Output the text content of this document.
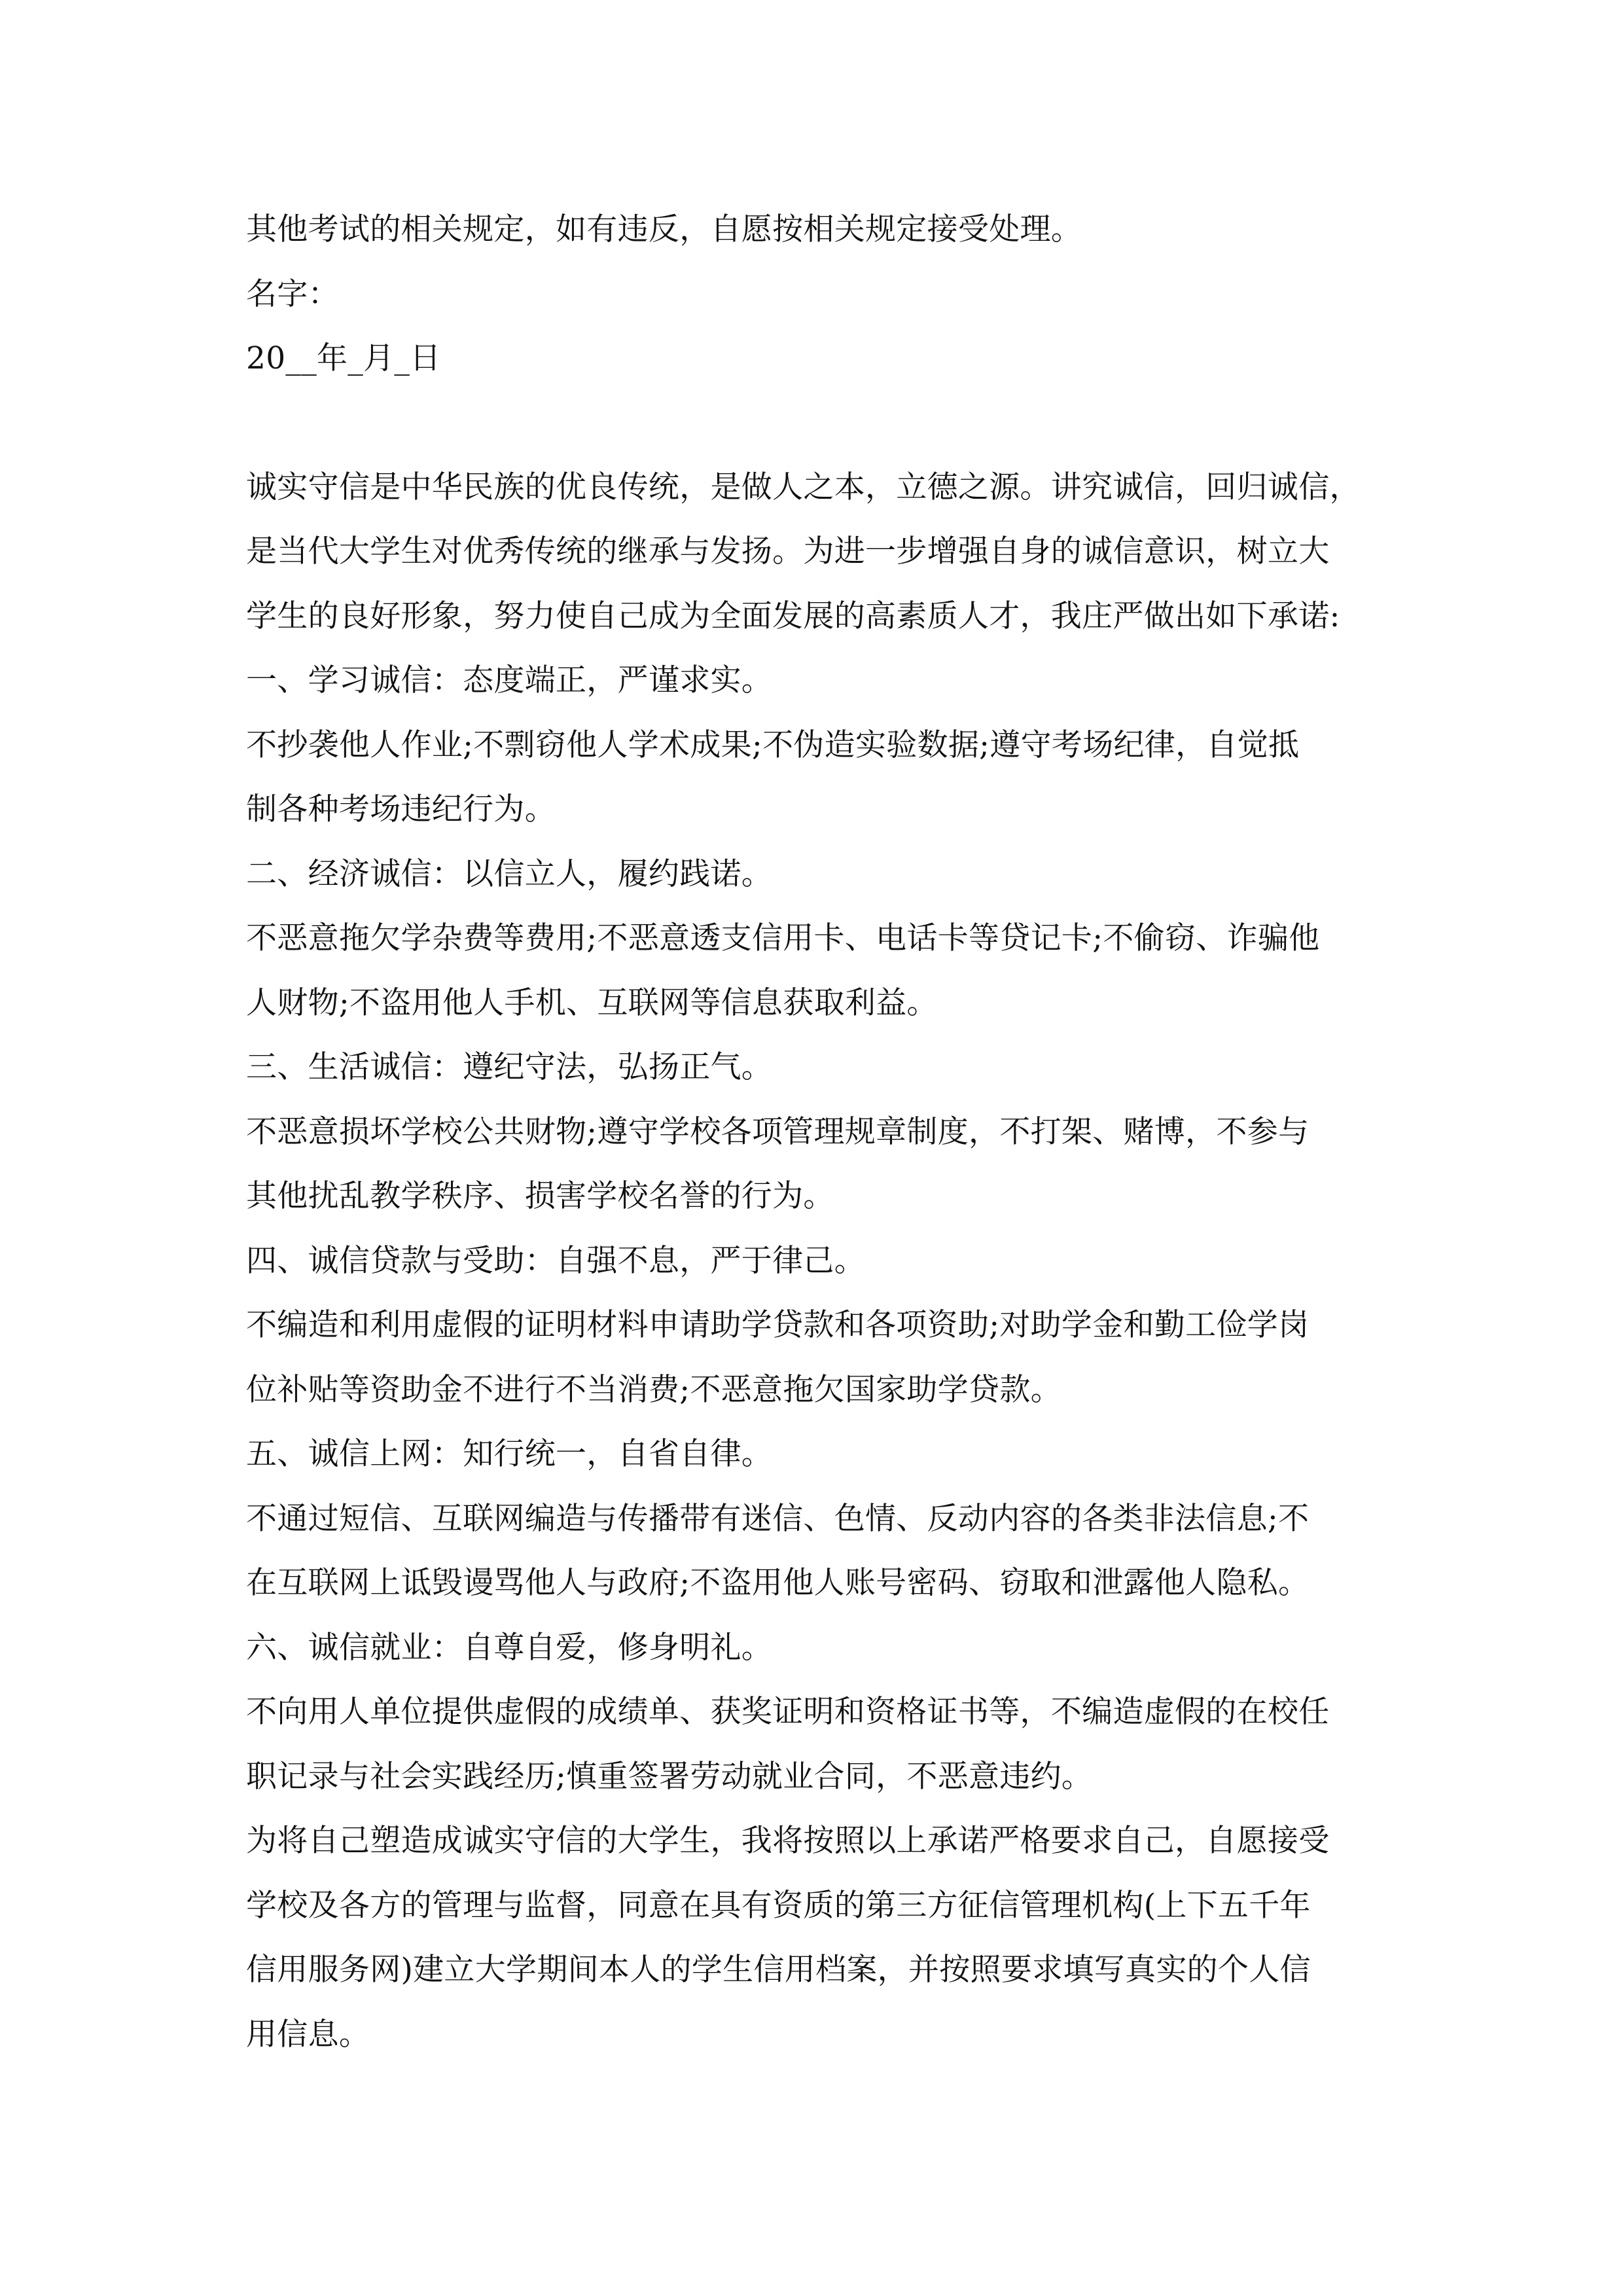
其他考试的相关规定，如有违反，自愿按相关规定接受处理。
名字：
20__年_月_日
诚实守信是中华民族的优良传统，是做人之本，立德之源。讲究诚信，回归诚信，
是当代大学生对优秀传统的继承与发扬。为进一步增强自身的诚信意识，树立大
学生的良好形象，努力使自己成为全面发展的高素质人才，我庄严做出如下承诺:
一、学习诚信：态度端正，严谨求实。
不抄袭他人作业;不剽窃他人学术成果;不伪造实验数据;遵守考场纪律，自觉抵
制各种考场违纪行为。
二、经济诚信：以信立人，履约践诺。
不恶意拖欠学杂费等费用;不恶意透支信用卡、电话卡等贷记卡;不偷窃、诈骗他
人财物;不盗用他人手机、互联网等信息获取利益。
三、生活诚信：遵纪守法，弘扬正气。
不恶意损坏学校公共财物;遵守学校各项管理规章制度，不打架、赌博，不参与
其他扰乱教学秩序、损害学校名誉的行为。
四、诚信贷款与受助：自强不息，严于律己。
不编造和利用虚假的证明材料申请助学贷款和各项资助;对助学金和勤工俭学岗
位补贴等资助金不进行不当消费;不恶意拖欠国家助学贷款。
五、诚信上网：知行统一，自省自律。
不通过短信、互联网编造与传播带有迷信、色情、反动内容的各类非法信息;不
在互联网上诋毁谩骂他人与政府;不盗用他人账号密码、窃取和泄露他人隐私。
六、诚信就业：自尊自爱，修身明礼。
不向用人单位提供虚假的成绩单、获奖证明和资格证书等，不编造虚假的在校任
职记录与社会实践经历;慎重签署劳动就业合同，不恶意违约。
为将自己塑造成诚实守信的大学生，我将按照以上承诺严格要求自己，自愿接受
学校及各方的管理与监督，同意在具有资质的第三方征信管理机构(上下五千年
信用服务网)建立大学期间本人的学生信用档案，并按照要求填写真实的个人信
用信息。
